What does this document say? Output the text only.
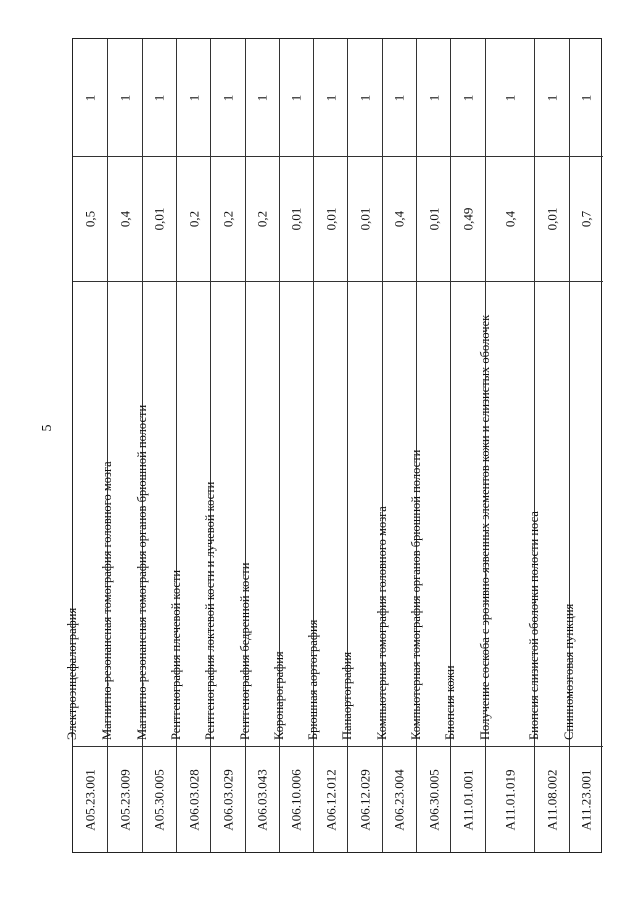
5
A05.23.001
Электроэнцефалография
0,5
1
A05.23.009
Магнитно-резонансная томография головного мозга
0,4
1
A05.30.005
Магнитно-резонансная томография органов брюшной полости
0,01
1
A06.03.028
Рентгенография плечевой кости
0,2
1
A06.03.029
Рентгенография локтевой кости и лучевой кости
0,2
1
A06.03.043
Рентгенография бедренной кости
0,2
1
A06.10.006
Коронарография
0,01
1
A06.12.012
Брюшная аортография
0,01
1
A06.12.029
Панаортография
0,01
1
A06.23.004
Компьютерная томография головного мозга
0,4
1
A06.30.005
Компьютерная томография органов брюшной полости
0,01
1
A11.01.001
Биопсия кожи
0,49
1
A11.01.019
Получение соскоба с эрозивно-язвенных элементов кожи и слизистых оболочек
0,4
1
A11.08.002
Биопсия слизистой оболочки полости носа
0,01
1
A11.23.001
Спинномозговая пункция
0,7
1
